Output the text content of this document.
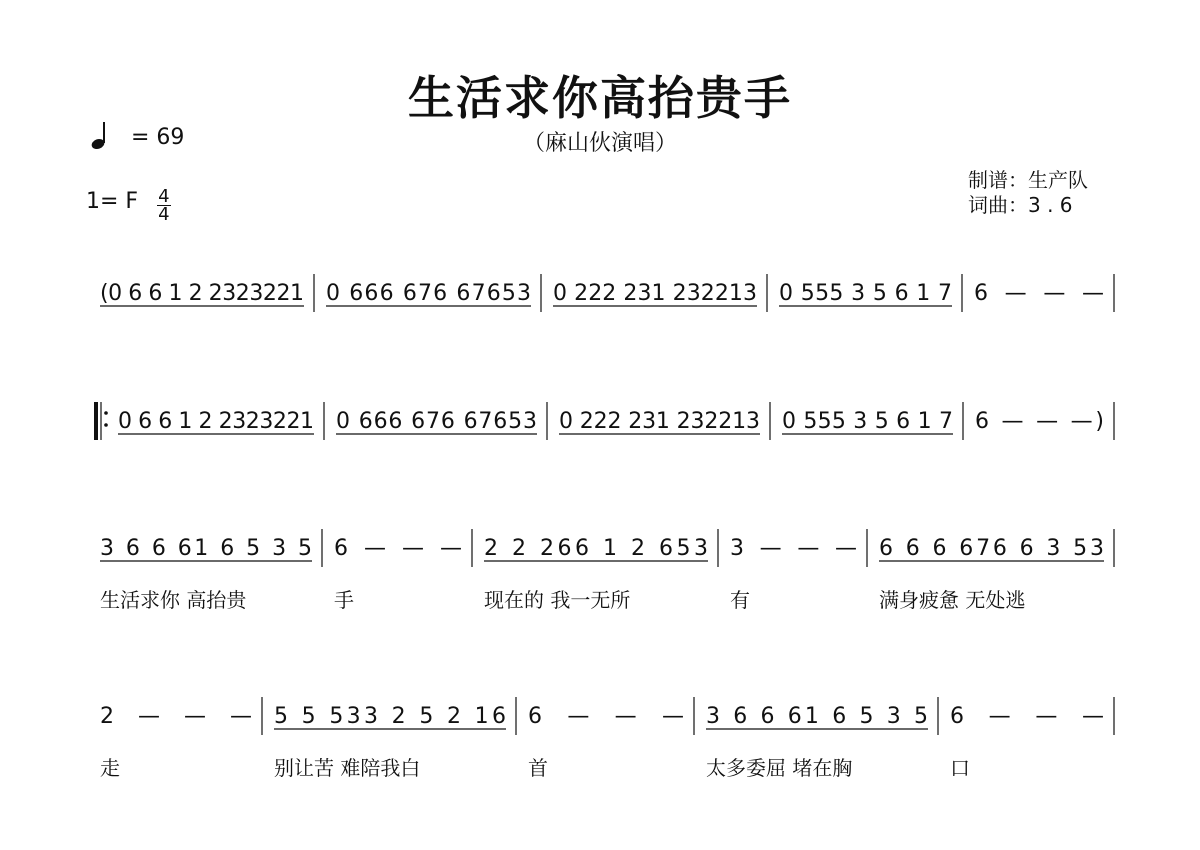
生活求你高抬贵手
（麻山伙演唱）
= 69
1= F $\frac{4}{4}$
制谱：生产队
词曲：3 . 6
(0 6 6 1 2 2323221 0 666 676 67653 0 222 231 232213 0 555 3 5 6 1 7 6 — — —
0 6 6 1 2 2323221 0 666 676 67653 0 222 231 232213 0 555 3 5 6 1 7 6 — — —)
3 6 6 61 6 5 3 5 6 — — — 2 2 266 1 2 653 3 — — — 6 6 6 676 6 3 53
生活求你 高抬贵	手	现在的 我一无所	有	满身疲惫 无处逃
2 — — — 5 5 533 2 5 2 16 6 — — — 3 6 6 61 6 5 3 5 6 — — —
走	别让苦 难陪我白	首	太多委屈 堵在胸	口
